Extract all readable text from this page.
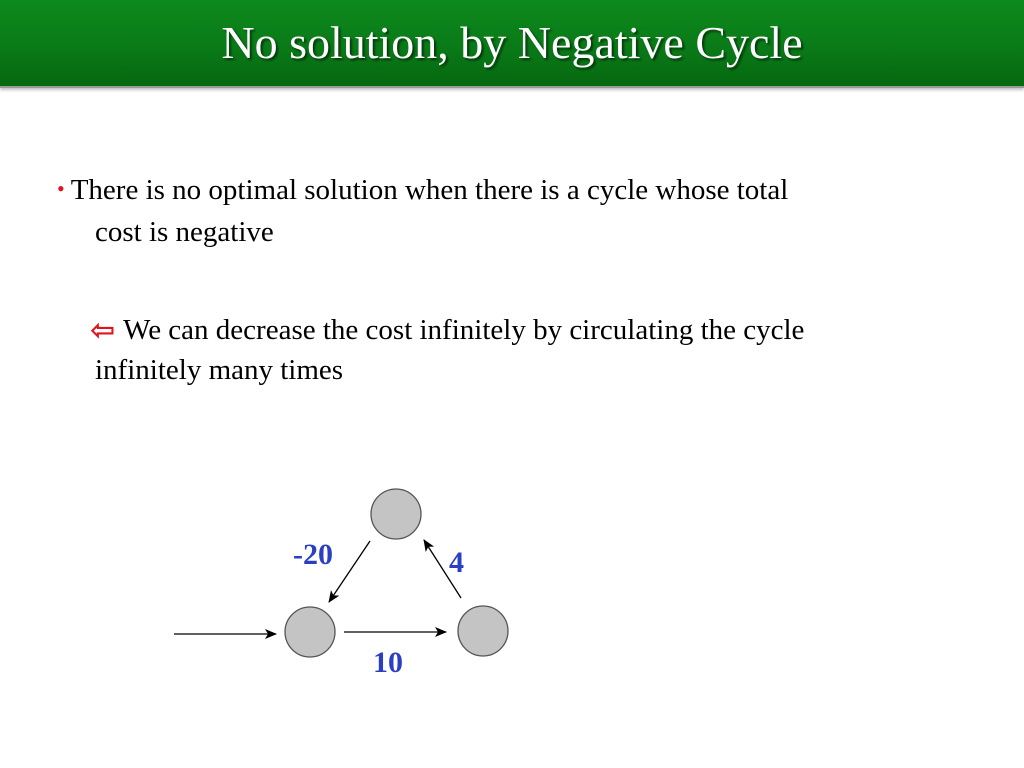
No solution, by Negative Cycle
• There is no optimal solution when there is a cycle whose total
cost is negative
⇦ We can decrease the cost infinitely by circulating the cycle
infinitely many times
-20	4
10
